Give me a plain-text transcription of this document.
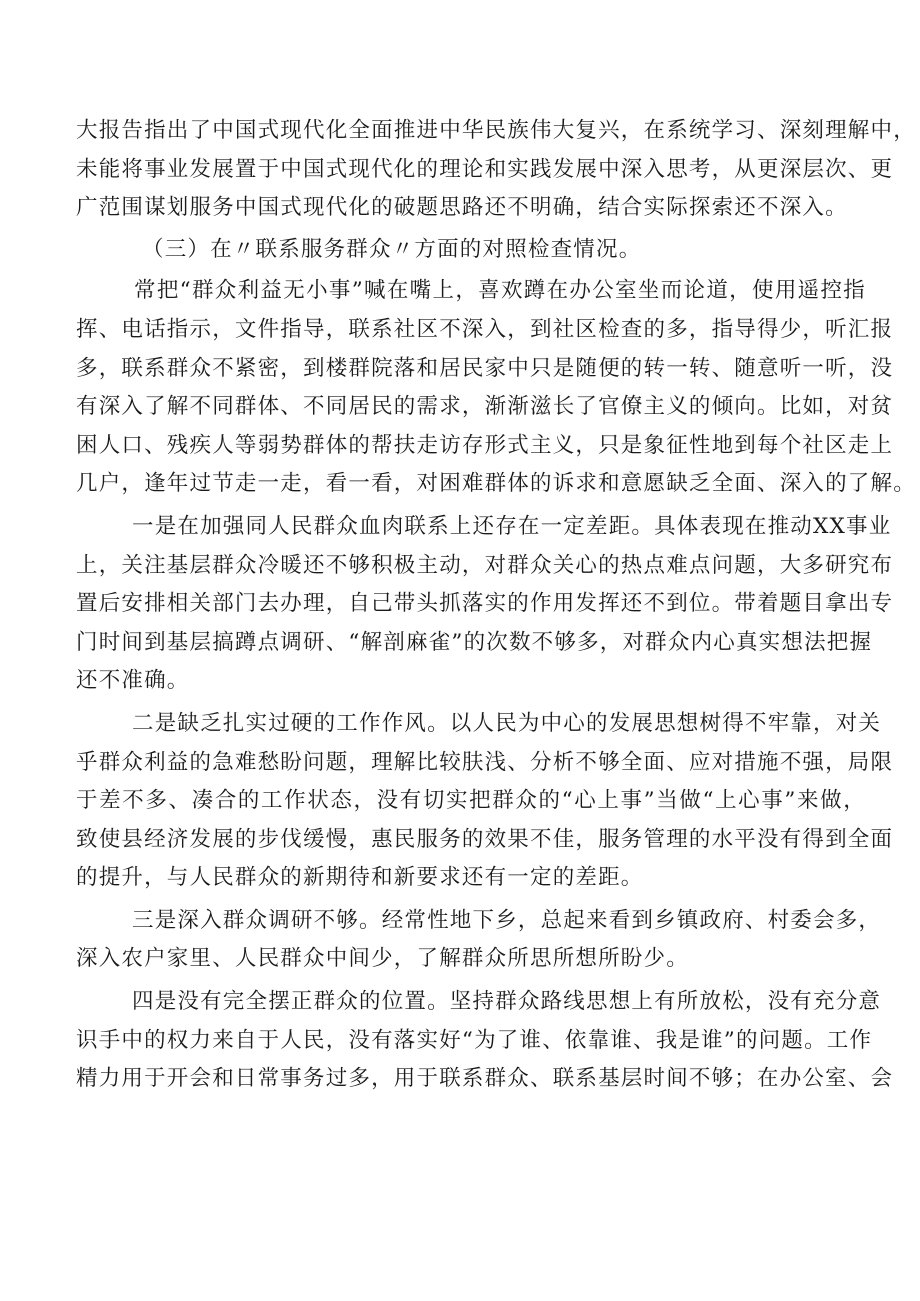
大报告指出了中国式现代化全面推进中华民族伟大复兴，在系统学习、深刻理解中，
未能将事业发展置于中国式现代化的理论和实践发展中深入思考，从更深层次、更
广范围谋划服务中国式现代化的破题思路还不明确，结合实际探索还不深入。
（三）在〃联系服务群众〃方面的对照检查情况。
常把“群众利益无小事”喊在嘴上，喜欢蹲在办公室坐而论道，使用遥控指
挥、电话指示，文件指导，联系社区不深入，到社区检查的多，指导得少，听汇报
多，联系群众不紧密，到楼群院落和居民家中只是随便的转一转、随意听一听，没
有深入了解不同群体、不同居民的需求，渐渐滋长了官僚主义的倾向。比如，对贫
困人口、残疾人等弱势群体的帮扶走访存形式主义，只是象征性地到每个社区走上
几户，逢年过节走一走，看一看，对困难群体的诉求和意愿缺乏全面、深入的了解。
一是在加强同人民群众血肉联系上还存在一定差距。具体表现在推动XX事业
上，关注基层群众冷暖还不够积极主动，对群众关心的热点难点问题，大多研究布
置后安排相关部门去办理，自己带头抓落实的作用发挥还不到位。带着题目拿出专
门时间到基层搞蹲点调研、“解剖麻雀”的次数不够多，对群众内心真实想法把握
还不准确。
二是缺乏扎实过硬的工作作风。以人民为中心的发展思想树得不牢靠，对关
乎群众利益的急难愁盼问题，理解比较肤浅、分析不够全面、应对措施不强，局限
于差不多、凑合的工作状态，没有切实把群众的“心上事”当做“上心事”来做，
致使县经济发展的步伐缓慢，惠民服务的效果不佳，服务管理的水平没有得到全面
的提升，与人民群众的新期待和新要求还有一定的差距。
三是深入群众调研不够。经常性地下乡，总起来看到乡镇政府、村委会多，
深入农户家里、人民群众中间少，了解群众所思所想所盼少。
四是没有完全摆正群众的位置。坚持群众路线思想上有所放松，没有充分意
识手中的权力来自于人民，没有落实好“为了谁、依靠谁、我是谁”的问题。工作
精力用于开会和日常事务过多，用于联系群众、联系基层时间不够；在办公室、会
